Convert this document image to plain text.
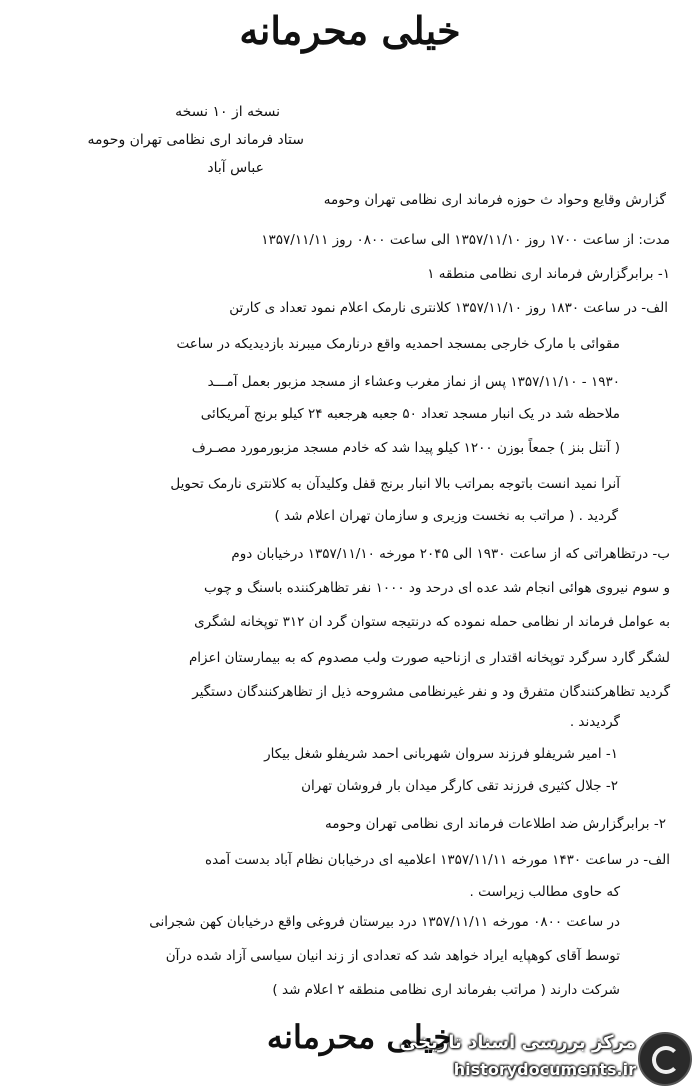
خیلی محرمانه
نسخه از ۱۰ نسخه
ستاد فرماند اری نظامی تهران وحومه
عباس آباد
گزارش وقایع وحواد ث حوزه فرماند اری نظامی تهران وحومه
مدت: از ساعت ۱۷۰۰ روز ۱۳۵۷/۱۱/۱۰ الی ساعت ۰۸۰۰ روز ۱۳۵۷/۱۱/۱۱
۱- برابرگزارش فرماند اری نظامی منطقه ۱
الف- در ساعت ۱۸۳۰ روز ۱۳۵۷/۱۱/۱۰ کلانتری نارمک اعلام نمود تعداد ی کارتن
مقوائی با مارک خارجی بمسجد احمدیه واقع درنارمک میبرند بازدیدیکه در ساعت
۱۹۳۰ - ۱۳۵۷/۱۱/۱۰ پس از نماز مغرب وعشاء از مسجد مزبور بعمل آمـــد
ملاحظه شد در یک انبار مسجد تعداد ۵۰ جعبه هرجعبه ۲۴ کیلو برنج آمریکائی
( آنتل بنز ) جمعاً بوزن ۱۲۰۰ کیلو پیدا شد که خادم مسجد مزبورمورد مصـرف
آنرا نمید انست باتوجه بمراتب بالا انبار برنج قفل وکلیدآن به کلانتری نارمک تحویل
گردید . ( مراتب به نخست وزیری و سازمان تهران اعلام شد )
ب- درتظاهراتی که از ساعت ۱۹۳۰ الی ۲۰۴۵ مورخه ۱۳۵۷/۱۱/۱۰ درخیابان دوم
و سوم نیروی هوائی انجام شد عده ای درحد ود ۱۰۰۰ نفر تظاهرکننده باسنگ و چوب
به عوامل فرماند ار نظامی حمله نموده که درنتیجه ستوان گرد ان ۳۱۲ توپخانه لشگری
لشگر گارد سرگرد توپخانه اقتدار ی ازناحیه صورت ولب مصدوم که به بیمارستان اعزام
گردید تظاهرکنندگان متفرق ود و نفر غیرنظامی مشروحه ذیل از تظاهرکنندگان دستگیر
گردیدند .
۱- امیر شریفلو فرزند سروان شهربانی احمد شریفلو شغل بیکار
۲- جلال کثیری فرزند تقی کارگر میدان بار فروشان تهران
۲- برابرگزارش ضد اطلاعات فرماند اری نظامی تهران وحومه
الف- در ساعت ۱۴۳۰ مورخه ۱۳۵۷/۱۱/۱۱ اعلامیه ای درخیابان نظام آباد بدست آمده
که حاوی مطالب زیراست .
در ساعت ۰۸۰۰ مورخه ۱۳۵۷/۱۱/۱۱ درد بیرستان فروغی واقع درخیابان کهن شجرانی
توسط آقای کوهپایه ایراد خواهد شد که تعدادی از زند انیان سیاسی آزاد شده درآن
شرکت دارند ( مراتب بفرماند اری نظامی منطقه ۲ اعلام شد )
خیلی محرمانه
مرکز بررسی اسناد تاریخی
historydocuments.ir
